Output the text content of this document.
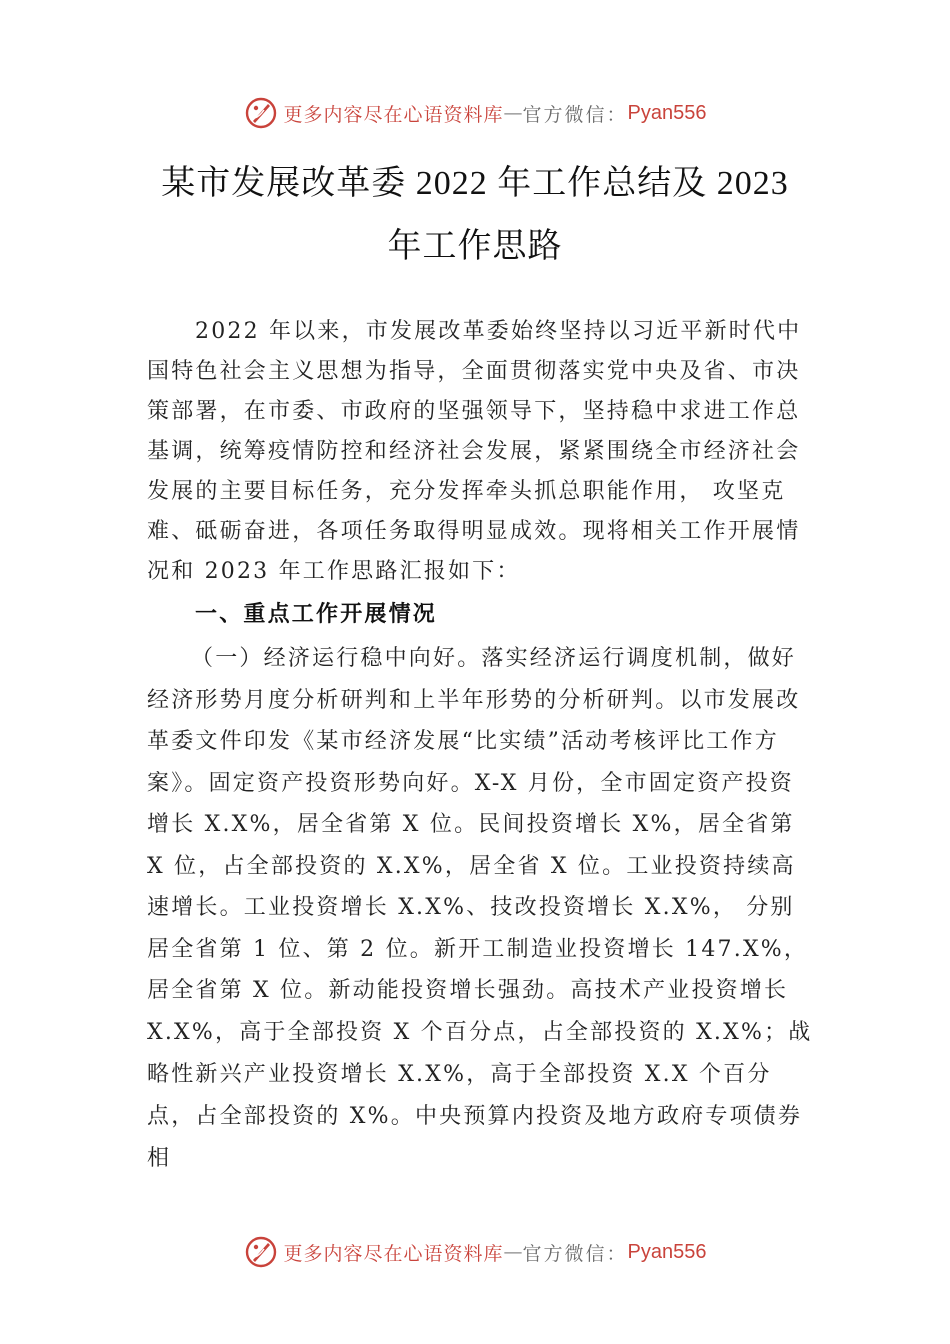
更多内容尽在心语资料库 — 官方微信： Pyan556
某市发展改革委 2022 年工作总结及 2023
年工作思路

2022 年以来，市发展改革委始终坚持以习近平新时代中国特色社会主义思想为指导，全面贯彻落实党中央及省、市决策部署，在市委、市政府的坚强领导下，坚持稳中求进工作总基调，统筹疫情防控和经济社会发展，紧紧围绕全市经济社会发展的主要目标任务，充分发挥牵头抓总职能作用， 攻坚克难、砥砺奋进，各项任务取得明显成效。现将相关工作开展情况和 2023 年工作思路汇报如下：

一、重点工作开展情况

（一）经济运行稳中向好。落实经济运行调度机制，做好经济形势月度分析研判和上半年形势的分析研判。以市发展改革委文件印发《某市经济发展“比实绩”活动考核评比工作方案》。固定资产投资形势向好。X-X 月份，全市固定资产投资增长 X.X%，居全省第 X 位。民间投资增长 X%，居全省第 X 位，占全部投资的 X.X%，居全省 X 位。工业投资持续高速增长。工业投资增长 X.X%、技改投资增长 X.X%， 分别居全省第 1 位、第 2 位。新开工制造业投资增长 147.X%，

居全省第 X 位。新动能投资增长强劲。高技术产业投资增长 X.X%，高于全部投资 X 个百分点，占全部投资的 X.X%；战略性新兴产业投资增长 X.X%，高于全部投资 X.X 个百分点，占全部投资的 X%。中央预算内投资及地方政府专项债券相

更多内容尽在心语资料库 — 官方微信： Pyan556
